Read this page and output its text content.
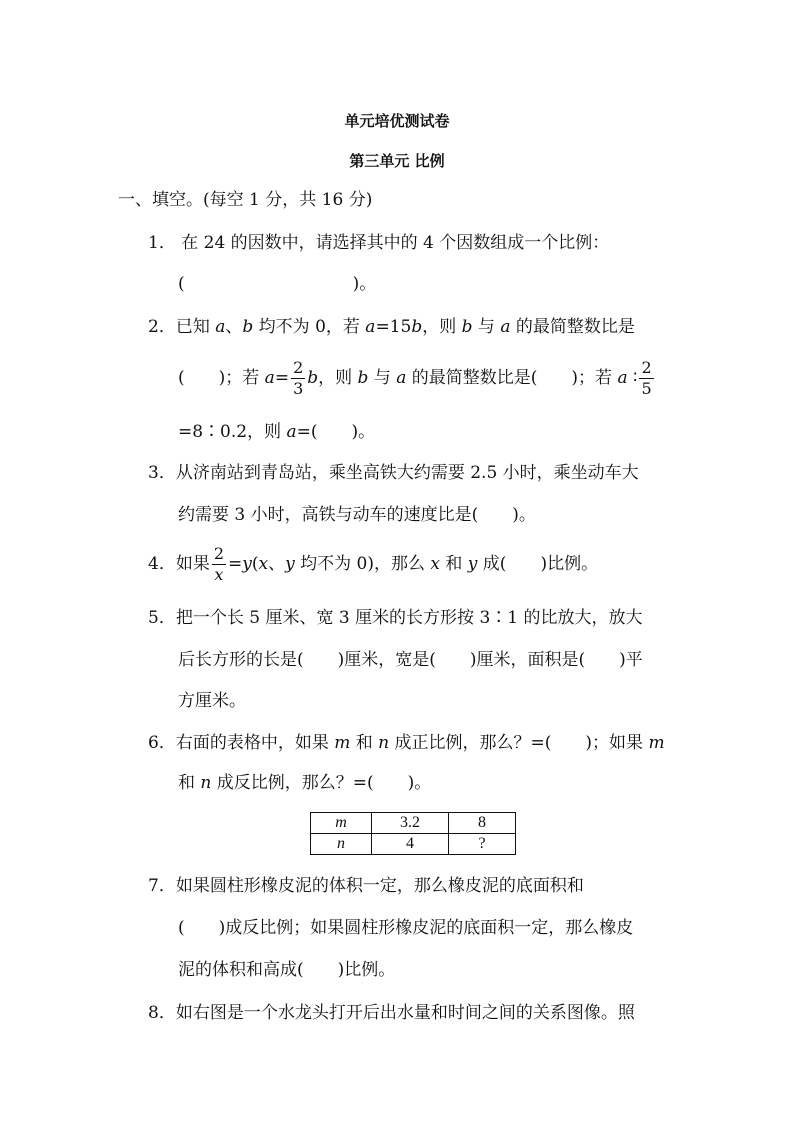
单元培优测试卷
第三单元 比例
一、填空。(每空 1 分，共 16 分)
1． 在 24 的因数中，请选择其中的 4 个因数组成一个比例：
(	)。
2．已知 a、b 均不为 0，若 a=15b，则 b 与 a 的最简整数比是
(　　)；若 $a= \frac{2}{3}$ b，则 b 与 a 的最简整数比是(　　)；若 a ∶ $\frac{2}{5}$
=8∶0.2，则 a=(　　)。
3．从济南站到青岛站，乘坐高铁大约需要 2.5 小时，乘坐动车大
约需要 3 小时，高铁与动车的速度比是(　　)。
4．如果 $\frac{2}{x} =y(x$、y 均不为 0)，那么 x 和 y 成(　　)比例。
5．把一个长 5 厘米、宽 3 厘米的长方形按 3∶1 的比放大，放大
后长方形的长是(　　)厘米，宽是(　　)厘米，面积是(　　)平
方厘米。
6．右面的表格中，如果 m 和 n 成正比例，那么？=(　　)；如果 m
和 n 成反比例，那么？=(　　)。
m	3.2	8
n	4	?
7．如果圆柱形橡皮泥的体积一定，那么橡皮泥的底面积和
(　　)成反比例；如果圆柱形橡皮泥的底面积一定，那么橡皮
泥的体积和高成(　　)比例。
8．如右图是一个水龙头打开后出水量和时间之间的关系图像。照
